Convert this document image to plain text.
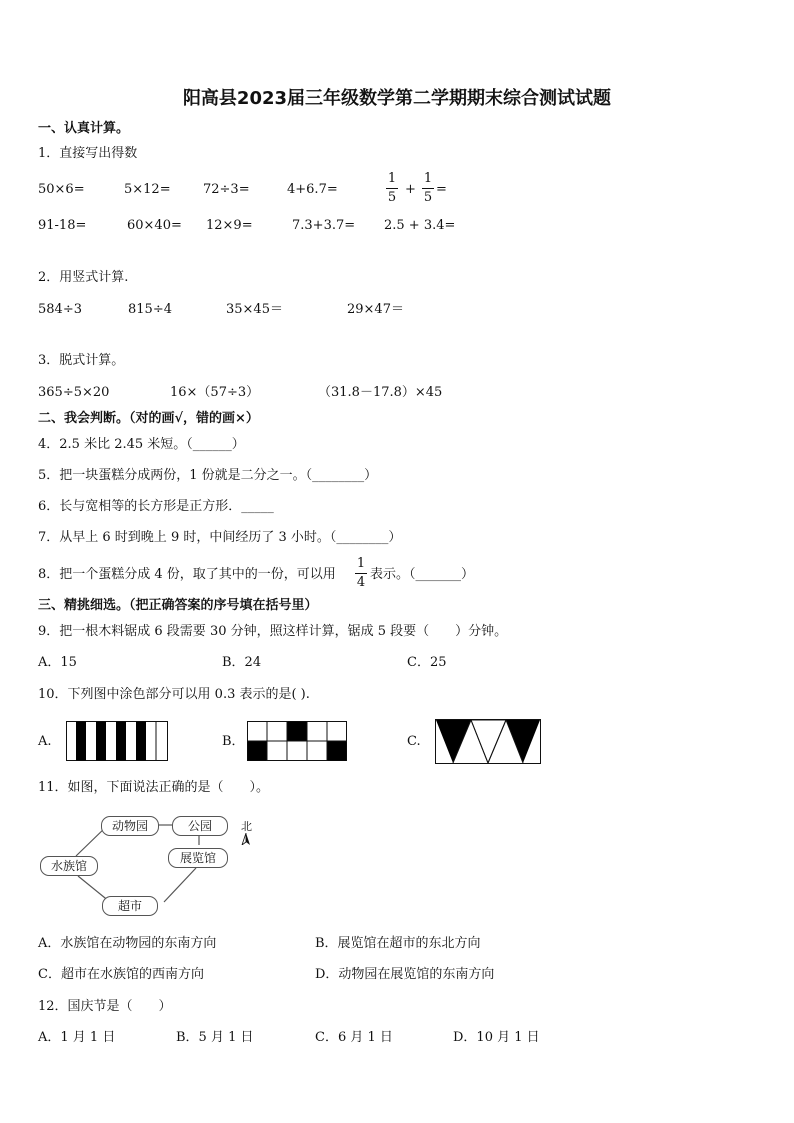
阳高县2023届三年级数学第二学期期末综合测试试题
一、认真计算。
1．直接写出得数
50×6=	5×12= 72÷3=	4+6.7=
1
5
+
1
5
=
91-18=	60×40= 12×9=	7.3+3.7= 2.5 + 3.4=
2．用竖式计算.
584÷3	815÷4	35×45＝	29×47＝
3．脱式计算。
365÷5×20	16×（57÷3）	（31.8－17.8）×45
二、我会判断。（对的画√，错的画×）
4．2.5 米比 2.45 米短。（______）
5．把一块蛋糕分成两份，1 份就是二分之一。（________）
6．长与宽相等的长方形是正方形．_____
7．从早上 6 时到晚上 9 时，中间经历了 3 小时。（________）
8．把一个蛋糕分成 4 份，取了其中的一份，可以用
1
4
表示。（_______）
三、精挑细选。（把正确答案的序号填在括号里）
9．把一根木料锯成 6 段需要 30 分钟，照这样计算，锯成 5 段要（　　）分钟。
A．15	B．24	C．25
10．下列图中涂色部分可以用 0.3 表示的是( ).
A.	B．	C.
11．如图，下面说法正确的是（　　）。
动物园	公园
水族馆
展览馆
超市
北
A．水族馆在动物园的东南方向	B．展览馆在超市的东北方向
C．超市在水族馆的西南方向	D．动物园在展览馆的东南方向
12．国庆节是（　　）
A．1 月 1 日	B．5 月 1 日	C．6 月 1 日	D．10 月 1 日
